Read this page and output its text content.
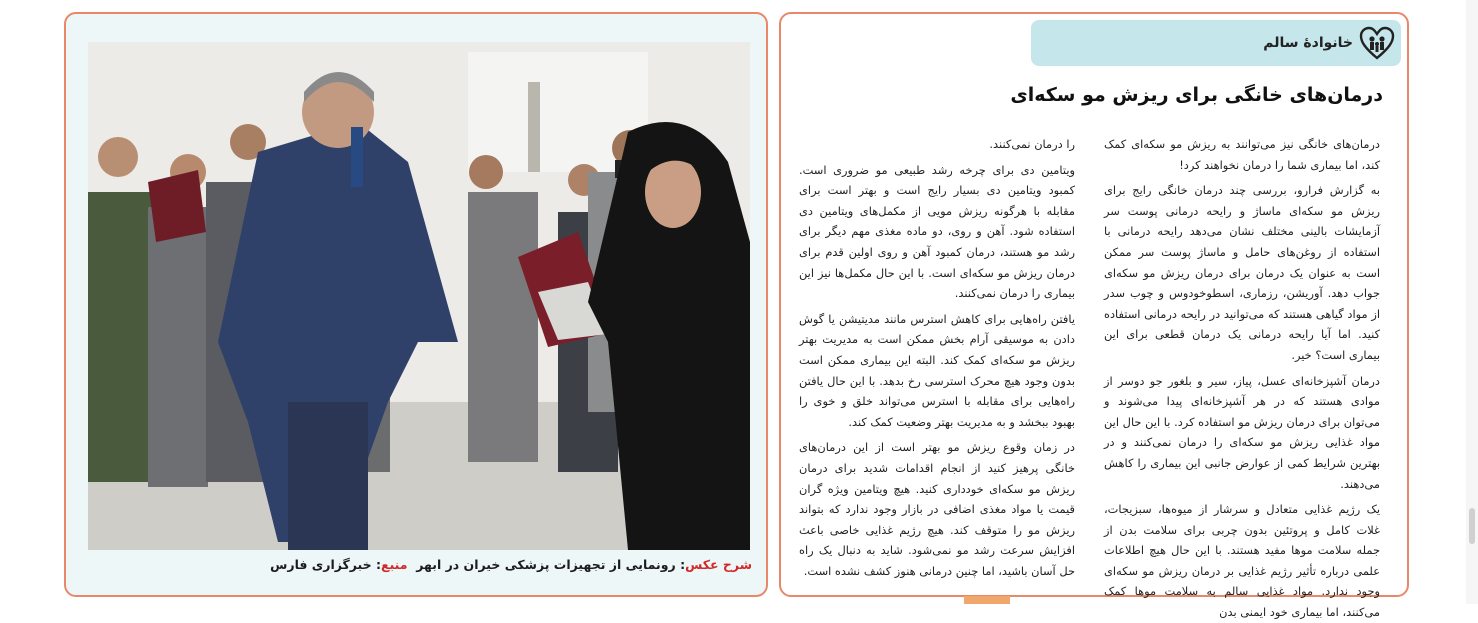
شرح عکس: رونمایی از تجهیزات پزشکی خیران در ابهر  منبع: خبرگزاری فارس
خانوادهٔ سالم
درمان‌های خانگی برای ریزش مو سکه‌ای

درمان‌های خانگی نیز می‌توانند به ریزش مو سکه‌ای کمک کند، اما بیماری شما را درمان نخواهند کرد!

به گزارش فرارو، بررسی چند درمان خانگی رایج برای ریزش مو سکه‌ای ماساژ و رایحه درمانی پوست سر آزمایشات بالینی مختلف نشان می‌دهد رایحه درمانی با استفاده از روغن‌های حامل و ماساژ پوست سر ممکن است به عنوان یک درمان برای درمان ریزش مو سکه‌ای جواب دهد. آوریشن، رزماری، اسطوخودوس و چوب سدر از مواد گیاهی هستند که می‌توانید در رایحه درمانی استفاده کنید. اما آیا رایحه درمانی یک درمان قطعی برای این بیماری است؟ خیر.

درمان آشپزخانه‌ای عسل، پیاز، سیر و بلغور جو دوسر از موادی هستند که در هر آشپزخانه‌ای پیدا می‌شوند و می‌توان برای درمان ریزش مو استفاده کرد. با این حال این مواد غذایی ریزش مو سکه‌ای را درمان نمی‌کنند و در بهترین شرایط کمی از عوارض جانبی این بیماری را کاهش می‌دهند.

یک رژیم غذایی متعادل و سرشار از میوه‌ها، سبزیجات، غلات کامل و پروتئین بدون چربی برای سلامت بدن از جمله سلامت موها مفید هستند. با این حال هیچ اطلاعات علمی درباره تأثیر رژیم غذایی بر درمان ریزش مو سکه‌ای وجود ندارد. مواد غذایی سالم به سلامت موها کمک می‌کنند، اما بیماری خود ایمنی بدن

را درمان نمی‌کنند.

ویتامین دی برای چرخه رشد طبیعی مو ضروری است. کمبود ویتامین دی بسیار رایج است و بهتر است برای مقابله با هرگونه ریزش مویی از مکمل‌های ویتامین دی استفاده شود. آهن و روی، دو ماده مغذی مهم دیگر برای رشد مو هستند، درمان کمبود آهن و روی اولین قدم برای درمان ریزش مو سکه‌ای است. با این حال مکمل‌ها نیز این بیماری را درمان نمی‌کنند.

یافتن راه‌هایی برای کاهش استرس مانند مدیتیشن یا گوش دادن به موسیقی آرام بخش ممکن است به مدیریت بهتر ریزش مو سکه‌ای کمک کند. البته این بیماری ممکن است بدون وجود هیچ محرک استرسی رخ بدهد. با این حال یافتن راه‌هایی برای مقابله با استرس می‌تواند خلق و خوی را بهبود ببخشد و به مدیریت بهتر وضعیت کمک کند.

در زمان وقوع ریزش مو بهتر است از این درمان‌های خانگی پرهیز کنید از انجام اقدامات شدید برای درمان ریزش مو سکه‌ای خودداری کنید. هیچ ویتامین ویژه گران قیمت یا مواد مغذی اضافی در بازار وجود ندارد که بتواند ریزش مو را متوقف کند. هیچ رژیم غذایی خاصی باعث افزایش سرعت رشد مو نمی‌شود. شاید به دنبال یک راه حل آسان باشید، اما چنین درمانی هنوز کشف نشده است.
